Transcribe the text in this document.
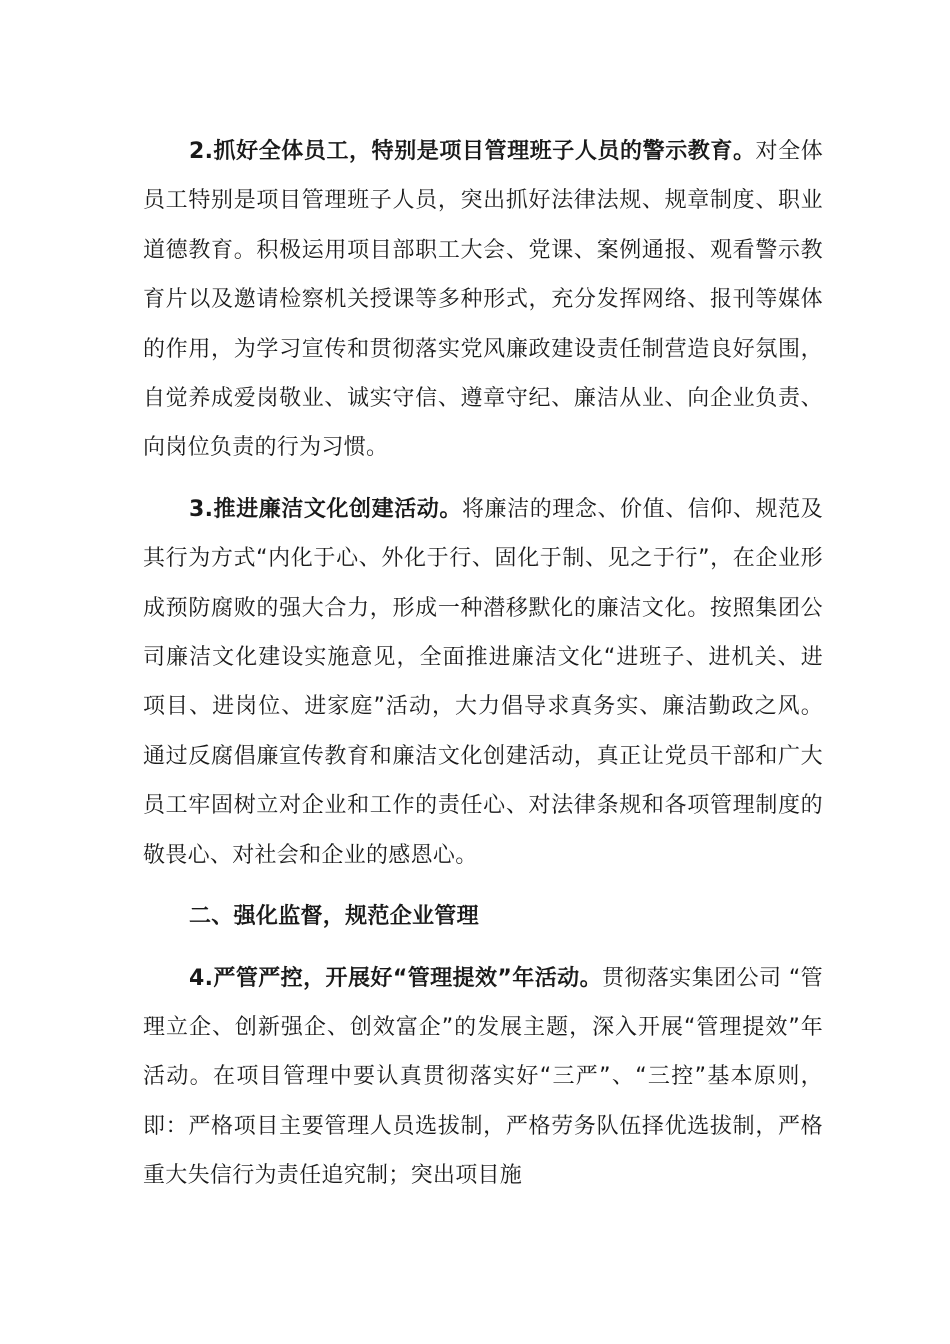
2.抓好全体员工，特别是项目管理班子人员的警示教育。对全体员工特别是项目管理班子人员，突出抓好法律法规、规章制度、职业道德教育。积极运用项目部职工大会、党课、案例通报、观看警示教育片以及邀请检察机关授课等多种形式，充分发挥网络、报刊等媒体的作用，为学习宣传和贯彻落实党风廉政建设责任制营造良好氛围，自觉养成爱岗敬业、诚实守信、遵章守纪、廉洁从业、向企业负责、向岗位负责的行为习惯。

3.推进廉洁文化创建活动。将廉洁的理念、价值、信仰、规范及其行为方式“内化于心、外化于行、固化于制、见之于行”，在企业形成预防腐败的强大合力，形成一种潜移默化的廉洁文化。按照集团公司廉洁文化建设实施意见，全面推进廉洁文化“进班子、进机关、进项目、进岗位、进家庭”活动，大力倡导求真务实、廉洁勤政之风。通过反腐倡廉宣传教育和廉洁文化创建活动，真正让党员干部和广大员工牢固树立对企业和工作的责任心、对法律条规和各项管理制度的敬畏心、对社会和企业的感恩心。

二、强化监督，规范企业管理

4.严管严控，开展好“管理提效”年活动。贯彻落实集团公司 “管理立企、创新强企、创效富企”的发展主题，深入开展“管理提效”年活动。在项目管理中要认真贯彻落实好“三严”、“三控”基本原则，即：严格项目主要管理人员选拔制，严格劳务队伍择优选拔制，严格重大失信行为责任追究制；突出项目施
